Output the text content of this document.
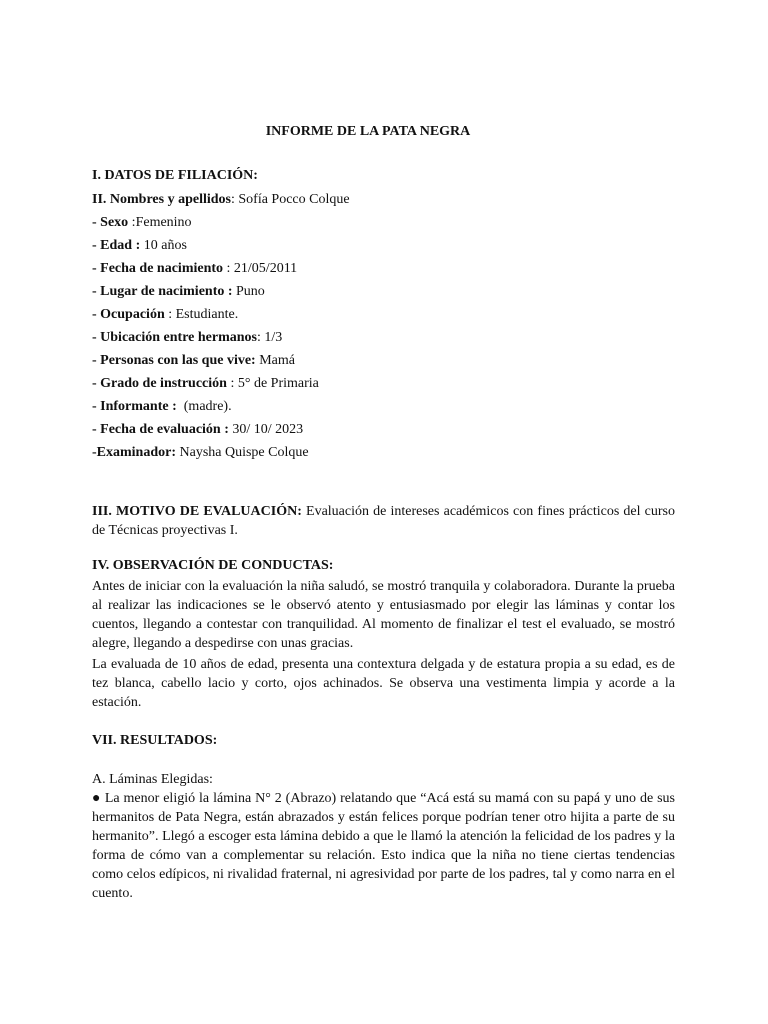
INFORME DE LA PATA NEGRA
I. DATOS DE FILIACIÓN:
II. Nombres y apellidos: Sofía Pocco Colque
- Sexo :Femenino
- Edad : 10 años
- Fecha de nacimiento : 21/05/2011
- Lugar de nacimiento : Puno
- Ocupación : Estudiante.
- Ubicación entre hermanos: 1/3
- Personas con las que vive: Mamá
- Grado de instrucción : 5° de Primaria
- Informante : (madre).
- Fecha de evaluación : 30/ 10/ 2023
-Examinador: Naysha Quispe Colque
III. MOTIVO DE EVALUACIÓN: Evaluación de intereses académicos con fines prácticos del curso de Técnicas proyectivas I.
IV. OBSERVACIÓN DE CONDUCTAS:
Antes de iniciar con la evaluación la niña saludó, se mostró tranquila y colaboradora. Durante la prueba al realizar las indicaciones se le observó atento y entusiasmado por elegir las láminas y contar los cuentos, llegando a contestar con tranquilidad. Al momento de finalizar el test el evaluado, se mostró alegre, llegando a despedirse con unas gracias.
La evaluada de 10 años de edad, presenta una contextura delgada y de estatura propia a su edad, es de tez blanca, cabello lacio y corto, ojos achinados. Se observa una vestimenta limpia y acorde a la estación.
VII. RESULTADOS:
A. Láminas Elegidas:
● La menor eligió la lámina N° 2 (Abrazo) relatando que “Acá está su mamá con su papá y uno de sus hermanitos de Pata Negra, están abrazados y están felices porque podrían tener otro hijita a parte de su hermanito”. Llegó a escoger esta lámina debido a que le llamó la atención la felicidad de los padres y la forma de cómo van a complementar su relación. Esto indica que la niña no tiene ciertas tendencias como celos edípicos, ni rivalidad fraternal, ni agresividad por parte de los padres, tal y como narra en el cuento.
